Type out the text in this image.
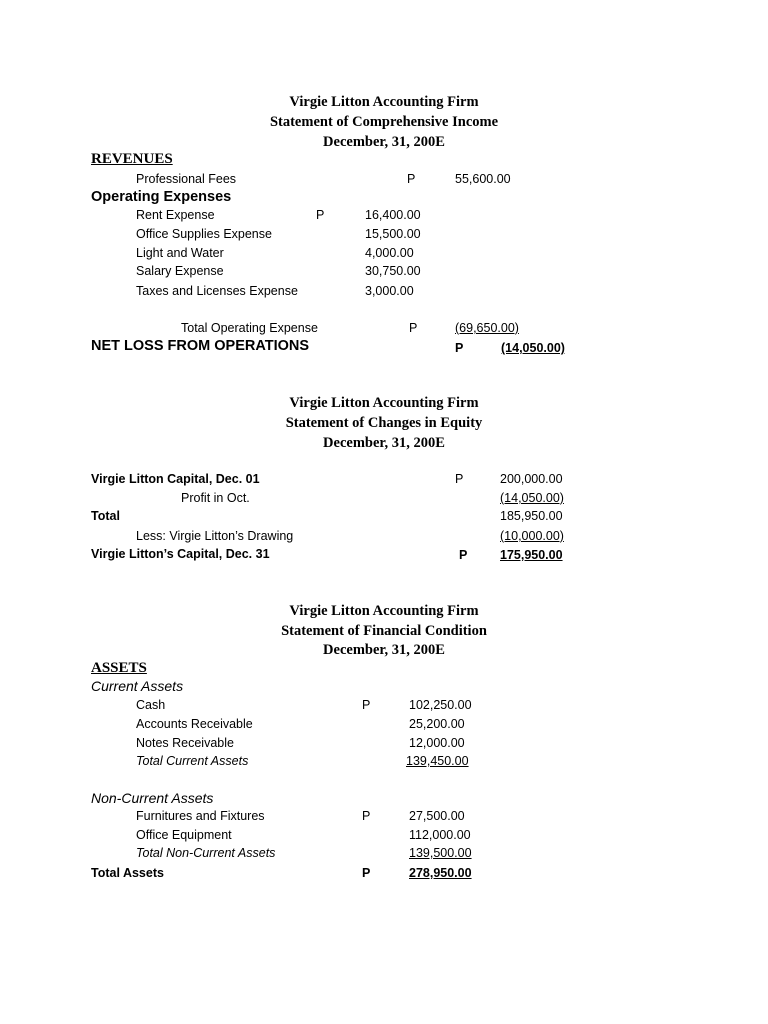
Virgie Litton Accounting Firm
Statement of Comprehensive Income
December, 31, 200E
REVENUES
Professional Fees	P	55,600.00
Operating Expenses
Rent Expense	P	16,400.00
Office Supplies Expense	15,500.00
Light and Water	4,000.00
Salary Expense	30,750.00
Taxes and Licenses Expense	3,000.00
Total Operating Expense	P	(69,650.00)
NET LOSS FROM OPERATIONS	P	(14,050.00)
Virgie Litton Accounting Firm
Statement of Changes in Equity
December, 31, 200E
Virgie Litton Capital, Dec. 01	P	200,000.00
Profit in Oct.	(14,050.00)
Total	185,950.00
Less: Virgie Litton’s Drawing	(10,000.00)
Virgie Litton’s Capital, Dec. 31	P	175,950.00
Virgie Litton Accounting Firm
Statement of Financial Condition
December, 31, 200E
ASSETS
Current Assets
Cash	P	102,250.00
Accounts Receivable	25,200.00
Notes Receivable	12,000.00
Total Current Assets	139,450.00
Non-Current Assets
Furnitures and Fixtures	P	27,500.00
Office Equipment	112,000.00
Total Non-Current Assets	139,500.00
Total Assets	P	278,950.00
